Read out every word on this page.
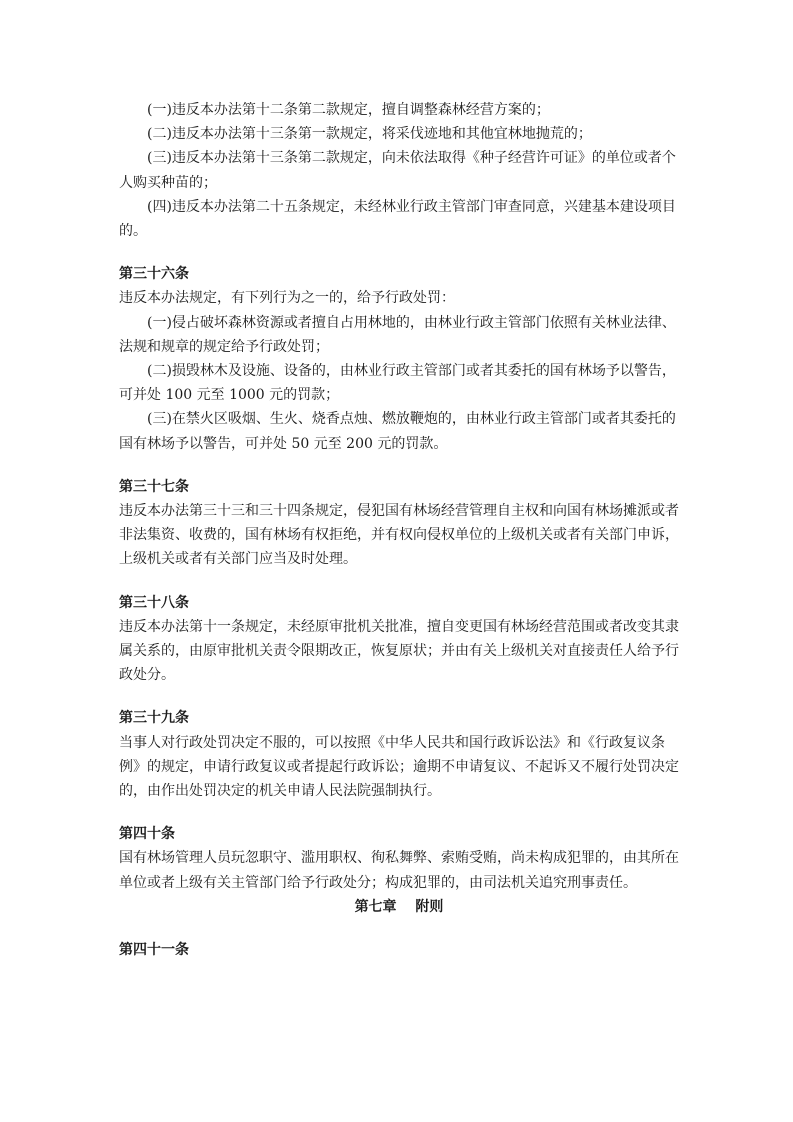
(一)违反本办法第十二条第二款规定，擅自调整森林经营方案的；

(二)违反本办法第十三条第一款规定，将采伐迹地和其他宜林地抛荒的；

(三)违反本办法第十三条第二款规定，向未依法取得《种子经营许可证》的单位或者个人购买种苗的；

(四)违反本办法第二十五条规定，未经林业行政主管部门审查同意，兴建基本建设项目的。

第三十六条

违反本办法规定，有下列行为之一的，给予行政处罚：

(一)侵占破坏森林资源或者擅自占用林地的，由林业行政主管部门依照有关林业法律、法规和规章的规定给予行政处罚；

(二)损毁林木及设施、设备的，由林业行政主管部门或者其委托的国有林场予以警告，可并处 100 元至 1000 元的罚款；

(三)在禁火区吸烟、生火、烧香点烛、燃放鞭炮的，由林业行政主管部门或者其委托的国有林场予以警告，可并处 50 元至 200 元的罚款。

第三十七条

违反本办法第三十三和三十四条规定，侵犯国有林场经营管理自主权和向国有林场摊派或者非法集资、收费的，国有林场有权拒绝，并有权向侵权单位的上级机关或者有关部门申诉，上级机关或者有关部门应当及时处理。

第三十八条

违反本办法第十一条规定，未经原审批机关批准，擅自变更国有林场经营范围或者改变其隶属关系的，由原审批机关责令限期改正，恢复原状；并由有关上级机关对直接责任人给予行政处分。

第三十九条

当事人对行政处罚决定不服的，可以按照《中华人民共和国行政诉讼法》和《行政复议条例》的规定，申请行政复议或者提起行政诉讼；逾期不申请复议、不起诉又不履行处罚决定的，由作出处罚决定的机关申请人民法院强制执行。

第四十条

国有林场管理人员玩忽职守、滥用职权、徇私舞弊、索贿受贿，尚未构成犯罪的，由其所在单位或者上级有关主管部门给予行政处分；构成犯罪的，由司法机关追究刑事责任。

第七章 附则

第四十一条
